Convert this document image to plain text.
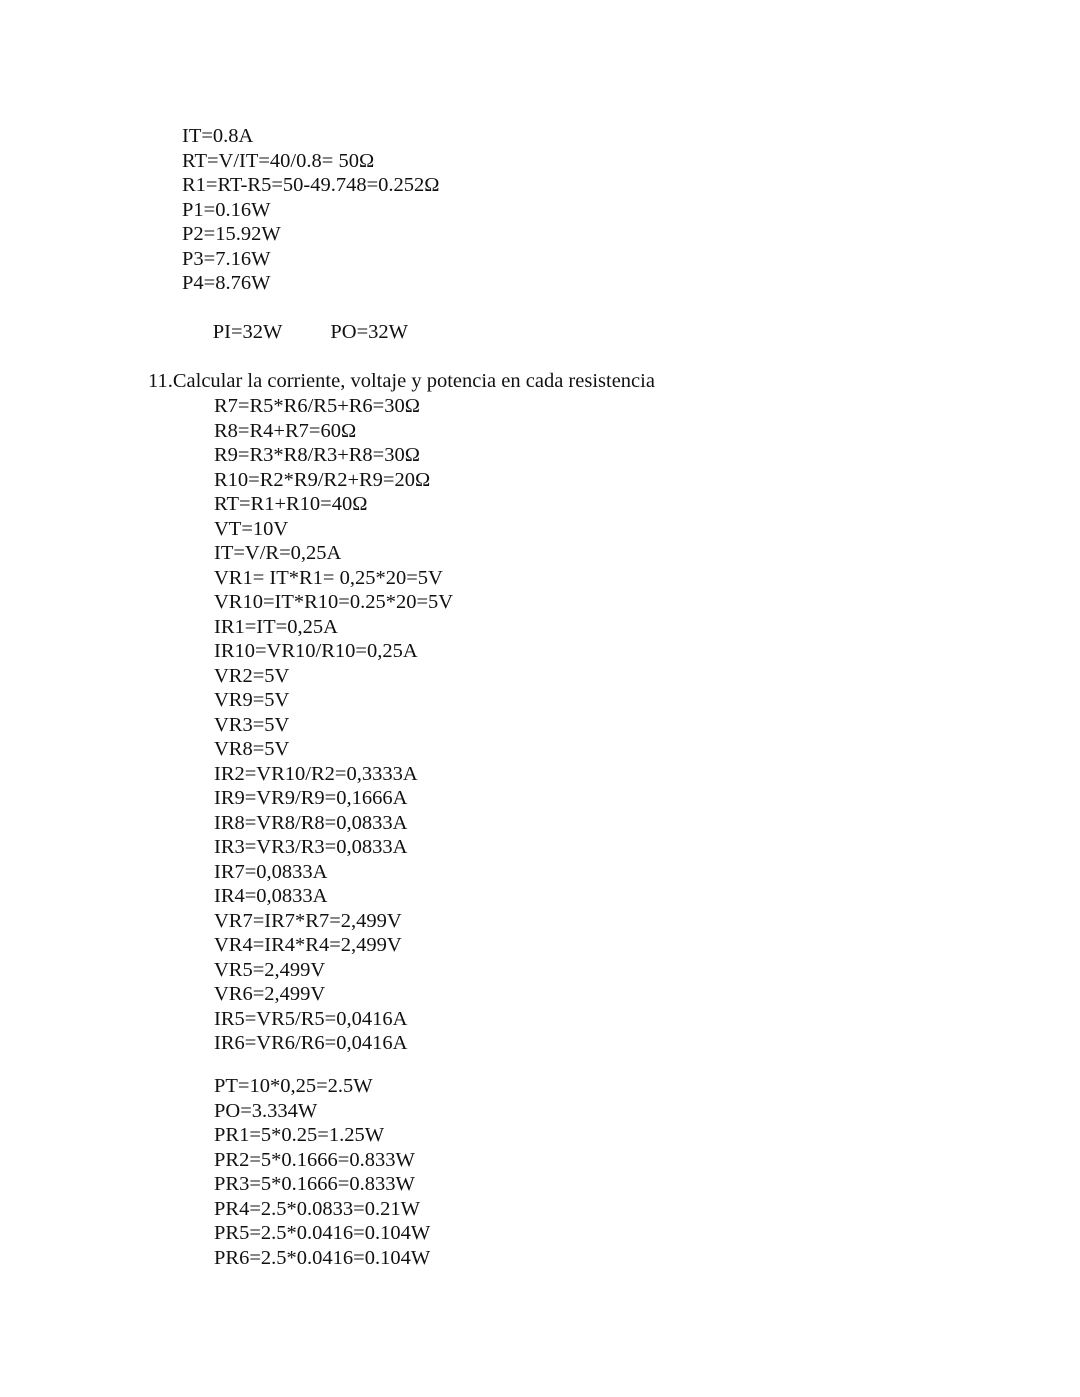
IT=0.8A
RT=V/IT=40/0.8= 50Ω
R1=RT-R5=50-49.748=0.252Ω
P1=0.16W
P2=15.92W
P3=7.16W
P4=8.76W

PI=32W PO=32W

11.Calcular la corriente, voltaje y potencia en cada resistencia
R7=R5*R6/R5+R6=30Ω
R8=R4+R7=60Ω
R9=R3*R8/R3+R8=30Ω
R10=R2*R9/R2+R9=20Ω
RT=R1+R10=40Ω
VT=10V
IT=V/R=0,25A
VR1= IT*R1= 0,25*20=5V
VR10=IT*R10=0.25*20=5V
IR1=IT=0,25A
IR10=VR10/R10=0,25A
VR2=5V
VR9=5V
VR3=5V
VR8=5V
IR2=VR10/R2=0,3333A
IR9=VR9/R9=0,1666A
IR8=VR8/R8=0,0833A
IR3=VR3/R3=0,0833A
IR7=0,0833A
IR4=0,0833A
VR7=IR7*R7=2,499V
VR4=IR4*R4=2,499V
VR5=2,499V
VR6=2,499V
IR5=VR5/R5=0,0416A
IR6=VR6/R6=0,0416A
PT=10*0,25=2.5W
PO=3.334W
PR1=5*0.25=1.25W
PR2=5*0.1666=0.833W
PR3=5*0.1666=0.833W
PR4=2.5*0.0833=0.21W
PR5=2.5*0.0416=0.104W
PR6=2.5*0.0416=0.104W
